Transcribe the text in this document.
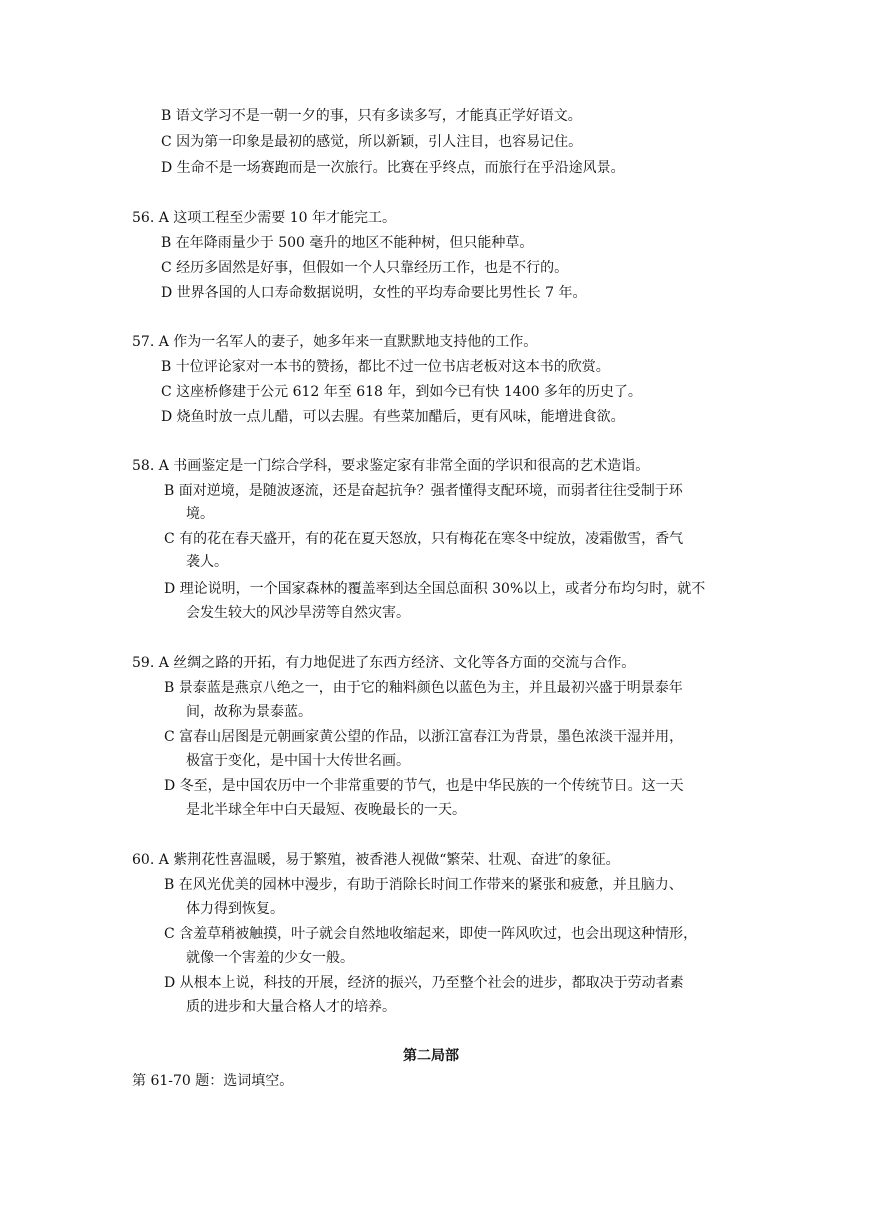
B 语文学习不是一朝一夕的事，只有多读多写，才能真正学好语文。
C 因为第一印象是最初的感觉，所以新颖，引人注目，也容易记住。
D 生命不是一场赛跑而是一次旅行。比赛在乎终点，而旅行在乎沿途风景。
56. A 这项工程至少需要 10 年才能完工。
B 在年降雨量少于 500 毫升的地区不能种树，但只能种草。
C 经历多固然是好事，但假如一个人只靠经历工作，也是不行的。
D 世界各国的人口寿命数据说明，女性的平均寿命要比男性长 7 年。
57. A 作为一名军人的妻子，她多年来一直默默地支持他的工作。
B 十位评论家对一本书的赞扬，都比不过一位书店老板对这本书的欣赏。
C 这座桥修建于公元 612 年至 618 年，到如今已有快 1400 多年的历史了。
D 烧鱼时放一点儿醋，可以去腥。有些菜加醋后，更有风味，能增进食欲。
58. A 书画鉴定是一门综合学科，要求鉴定家有非常全面的学识和很高的艺术造诣。
B 面对逆境，是随波逐流，还是奋起抗争？强者懂得支配环境，而弱者往往受制于环
境。
C 有的花在春天盛开，有的花在夏天怒放，只有梅花在寒冬中绽放，凌霜傲雪，香气
袭人。
D 理论说明，一个国家森林的覆盖率到达全国总面积 30%以上，或者分布均匀时，就不
会发生较大的风沙旱涝等自然灾害。
59. A 丝绸之路的开拓，有力地促进了东西方经济、文化等各方面的交流与合作。
B 景泰蓝是燕京八绝之一，由于它的釉料颜色以蓝色为主，并且最初兴盛于明景泰年
间，故称为景泰蓝。
C 富春山居图是元朝画家黄公望的作品，以浙江富春江为背景，墨色浓淡干湿并用，
极富于变化，是中国十大传世名画。
D 冬至，是中国农历中一个非常重要的节气，也是中华民族的一个传统节日。这一天
是北半球全年中白天最短、夜晚最长的一天。
60. A 紫荆花性喜温暖，易于繁殖，被香港人视做“繁荣、壮观、奋进″的象征。
B 在风光优美的园林中漫步，有助于消除长时间工作带来的紧张和疲惫，并且脑力、
体力得到恢复。
C 含羞草稍被触摸，叶子就会自然地收缩起来，即使一阵风吹过，也会出现这种情形，
就像一个害羞的少女一般。
D 从根本上说，科技的开展，经济的振兴，乃至整个社会的进步，都取决于劳动者素
质的进步和大量合格人才的培养。
第二局部
第 61-70 题：选词填空。
